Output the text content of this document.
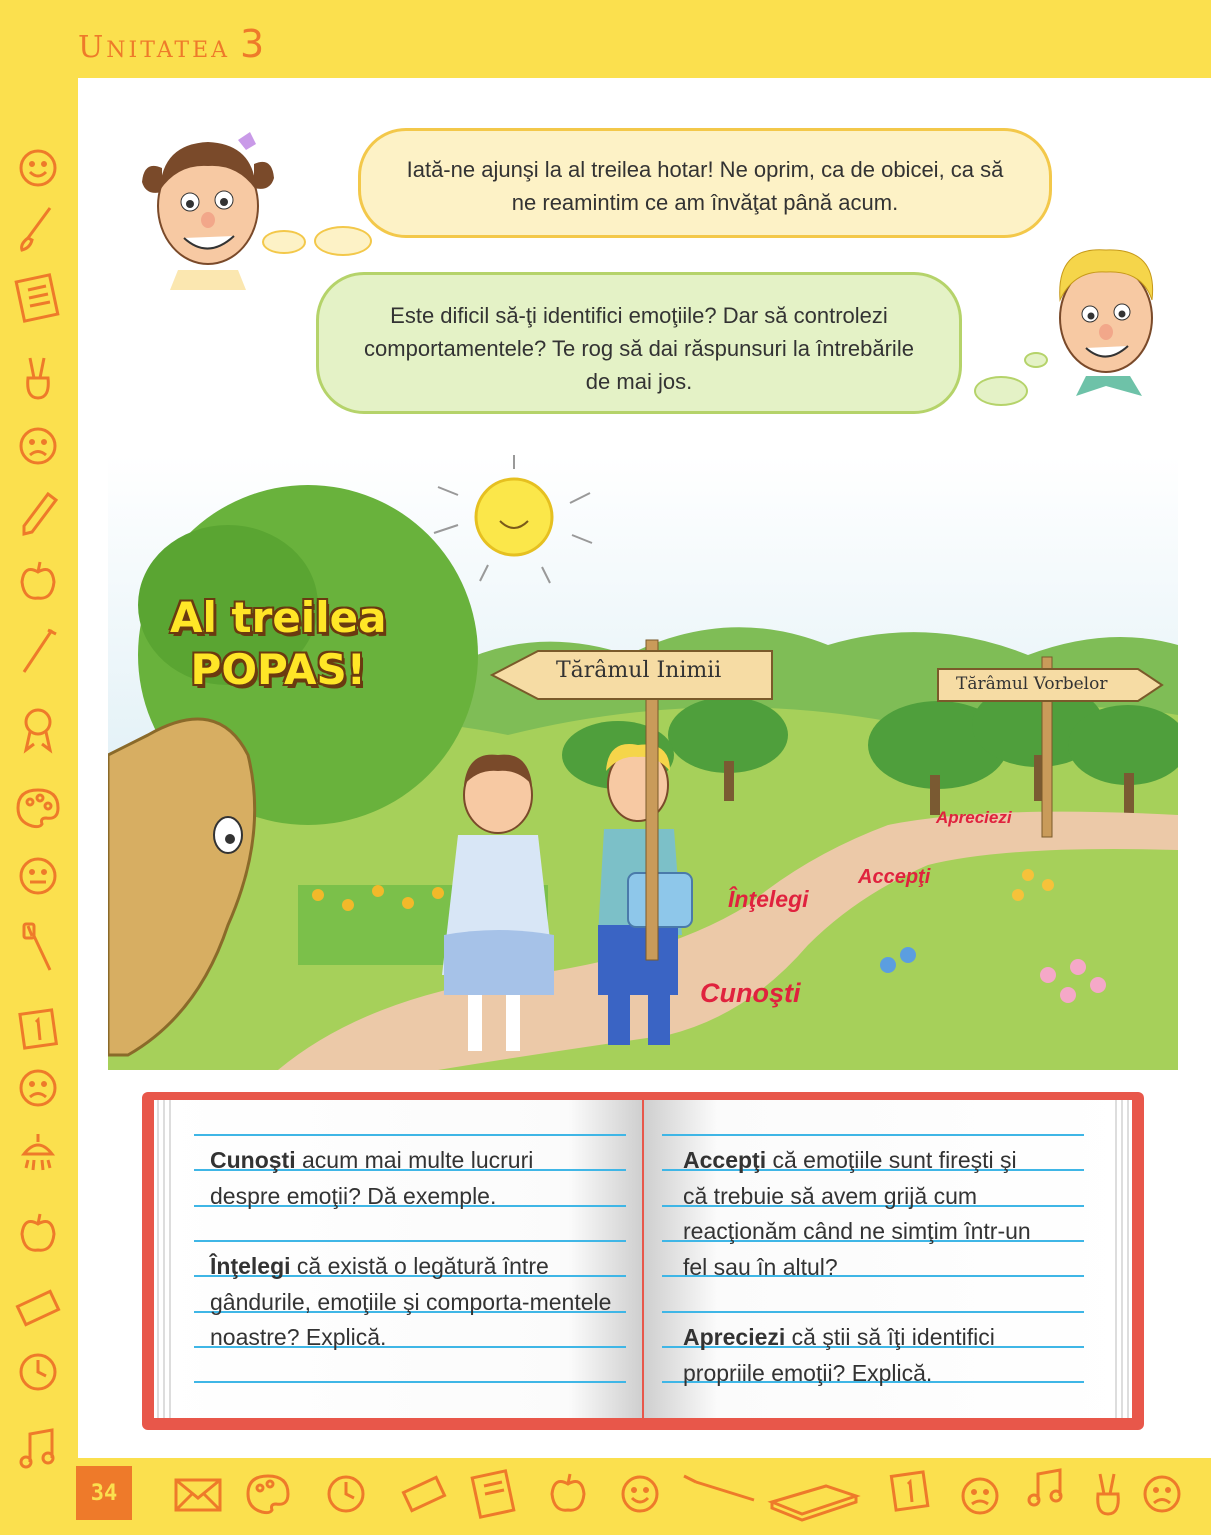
UNITATEA 3
34
Iată-ne ajunşi la al treilea hotar! Ne oprim, ca de obicei, ca să ne reamintim ce am învăţat până acum.
Este dificil să-ţi identifici emoţiile? Dar să controlezi comportamentele? Te rog să dai răspunsuri la întrebările de mai jos.
Al treilea
POPAS!	Tărâmul Inimii
Tărâmul Vorbelor
Cunoşti
Înţelegi
Accepţi
Apreciezi
Cunoşti acum mai multe lucruri despre emoţii? Dă exemple.
Înţelegi că există o legătură între gândurile, emoţiile şi comporta-mentele noastre? Explică.
Accepţi că emoţiile sunt fireşti şi că trebuie să avem grijă cum reacţionăm când ne simţim într-un fel sau în altul?
Apreciezi că ştii să îţi identifici propriile emoţii? Explică.
